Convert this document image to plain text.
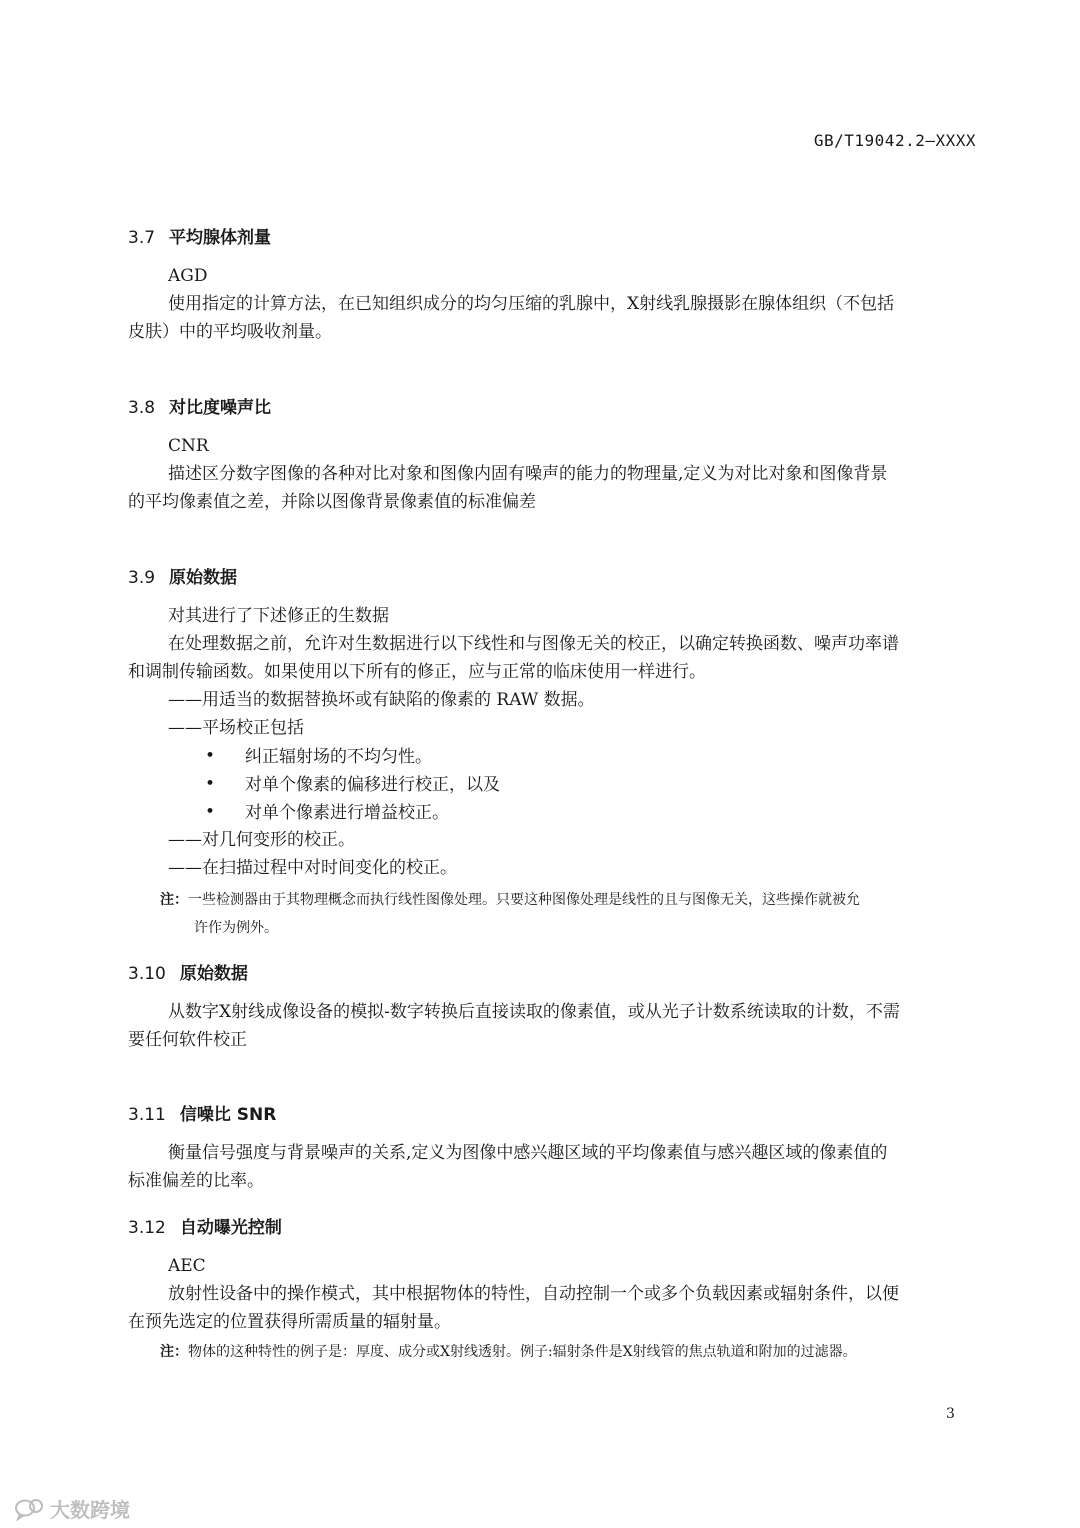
GB/T19042.2—XXXX
3.7 平均腺体剂量
AGD
使用指定的计算方法，在已知组织成分的均匀压缩的乳腺中，X射线乳腺摄影在腺体组织（不包括
皮肤）中的平均吸收剂量。
3.8 对比度噪声比
CNR
描述区分数字图像的各种对比对象和图像内固有噪声的能力的物理量,定义为对比对象和图像背景
的平均像素值之差，并除以图像背景像素值的标准偏差
3.9 原始数据
对其进行了下述修正的生数据
在处理数据之前，允许对生数据进行以下线性和与图像无关的校正，以确定转换函数、噪声功率谱
和调制传输函数。如果使用以下所有的修正，应与正常的临床使用一样进行。
——用适当的数据替换坏或有缺陷的像素的 RAW 数据。
——平场校正包括
• 纠正辐射场的不均匀性。
• 对单个像素的偏移进行校正，以及
• 对单个像素进行增益校正。
——对几何变形的校正。
——在扫描过程中对时间变化的校正。
注：一些检测器由于其物理概念而执行线性图像处理。只要这种图像处理是线性的且与图像无关，这些操作就被允
许作为例外。
3.10 原始数据
从数字X射线成像设备的模拟-数字转换后直接读取的像素值，或从光子计数系统读取的计数，不需
要任何软件校正
3.11 信噪比 SNR
衡量信号强度与背景噪声的关系,定义为图像中感兴趣区域的平均像素值与感兴趣区域的像素值的
标准偏差的比率。
3.12 自动曝光控制
AEC
放射性设备中的操作模式，其中根据物体的特性，自动控制一个或多个负载因素或辐射条件，以便
在预先选定的位置获得所需质量的辐射量。
注：物体的这种特性的例子是：厚度、成分或X射线透射。例子:辐射条件是X射线管的焦点轨道和附加的过滤器。
3
大数跨境
